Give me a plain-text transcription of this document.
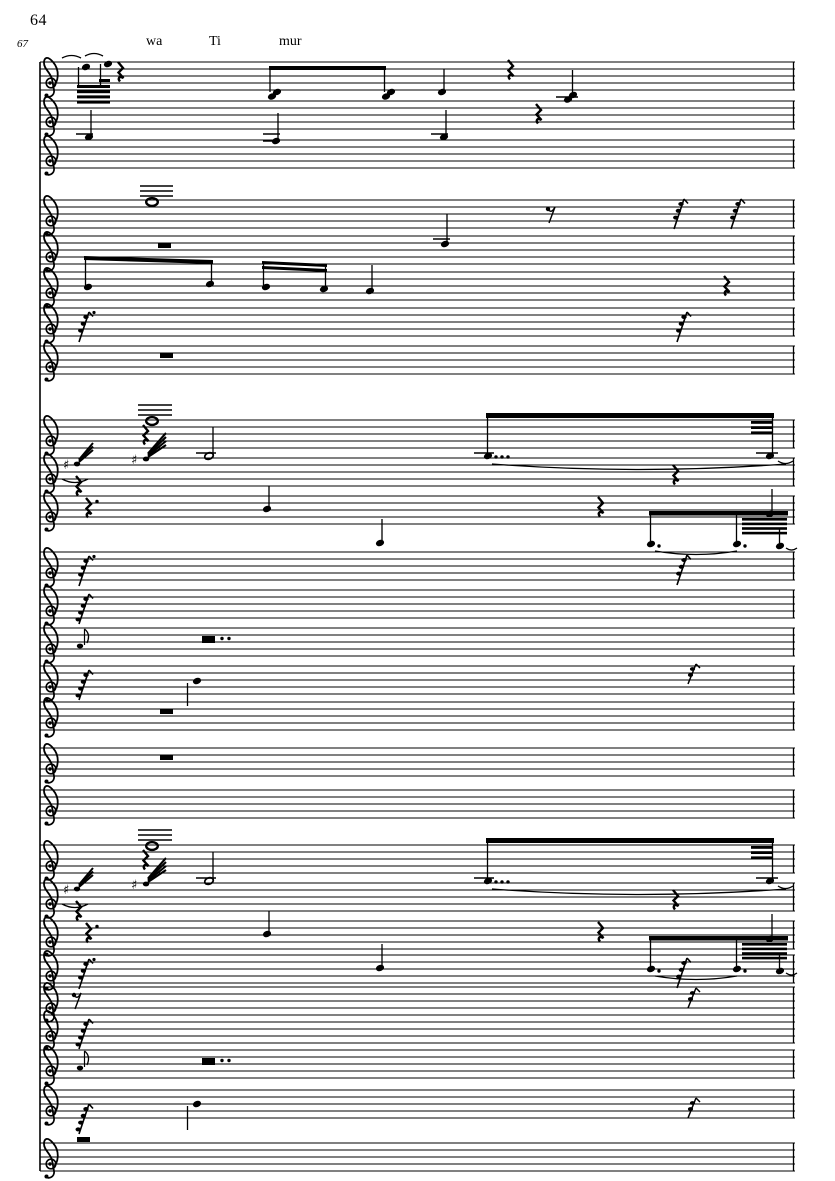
64
67	wa	Ti	mur
♯
♯
♯
♯
